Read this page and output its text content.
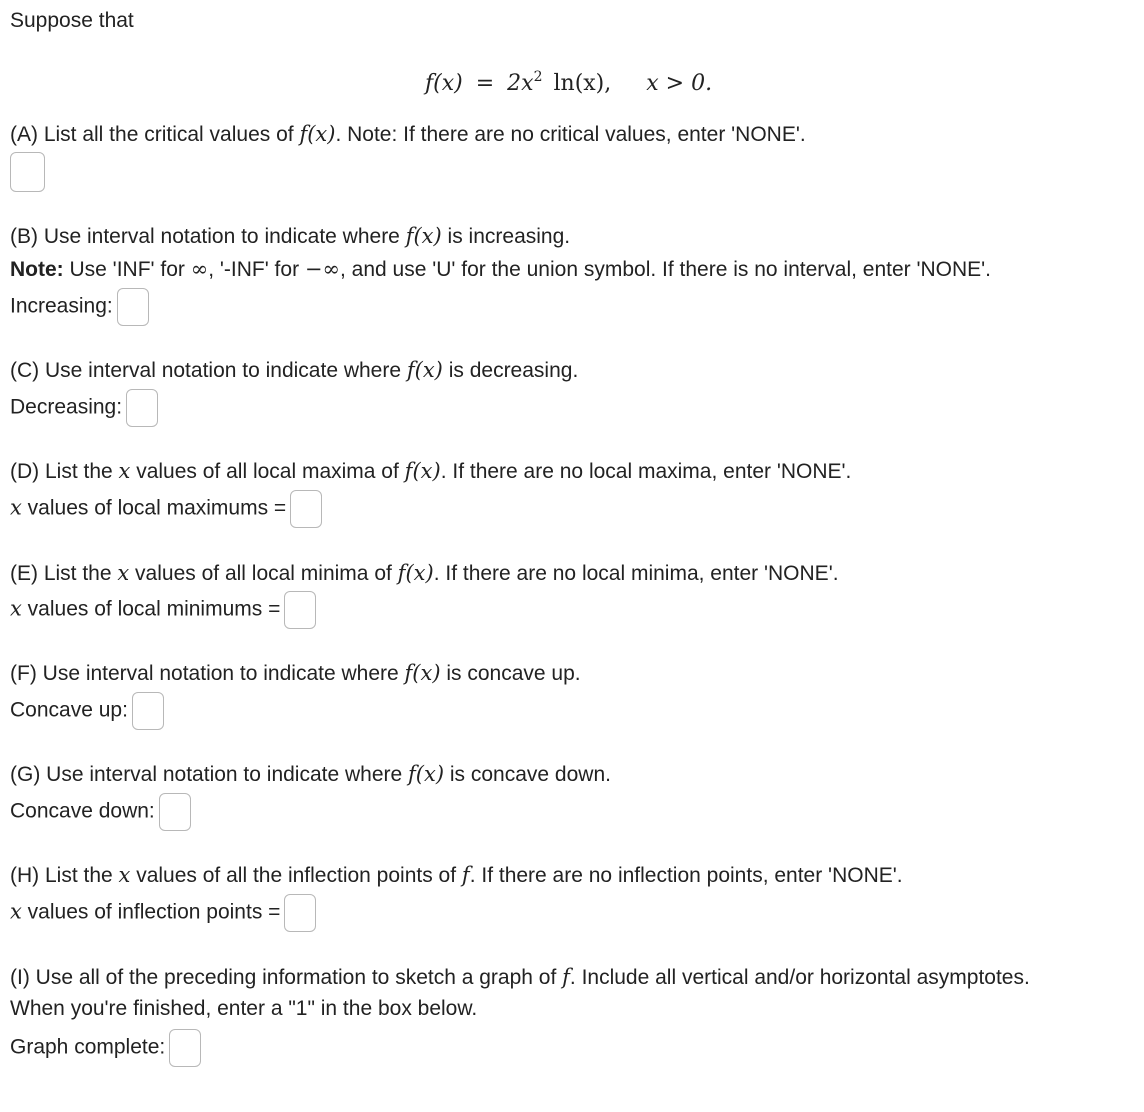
Suppose that
$f(x) = 2x^2$ ln(x), x > 0.
(A) List all the critical values of f(x). Note: If there are no critical values, enter 'NONE'.
(B) Use interval notation to indicate where f(x) is increasing.
Note: Use 'INF' for ∞, '-INF' for −∞, and use 'U' for the union symbol. If there is no interval, enter 'NONE'.
Increasing:
(C) Use interval notation to indicate where f(x) is decreasing.
Decreasing:
(D) List the x values of all local maxima of f(x). If there are no local maxima, enter 'NONE'.
x values of local maximums =
(E) List the x values of all local minima of f(x). If there are no local minima, enter 'NONE'.
x values of local minimums =
(F) Use interval notation to indicate where f(x) is concave up.
Concave up:
(G) Use interval notation to indicate where f(x) is concave down.
Concave down:
(H) List the x values of all the inflection points of f. If there are no inflection points, enter 'NONE'.
x values of inflection points =
(I) Use all of the preceding information to sketch a graph of f. Include all vertical and/or horizontal asymptotes.
When you're finished, enter a "1" in the box below.
Graph complete:
